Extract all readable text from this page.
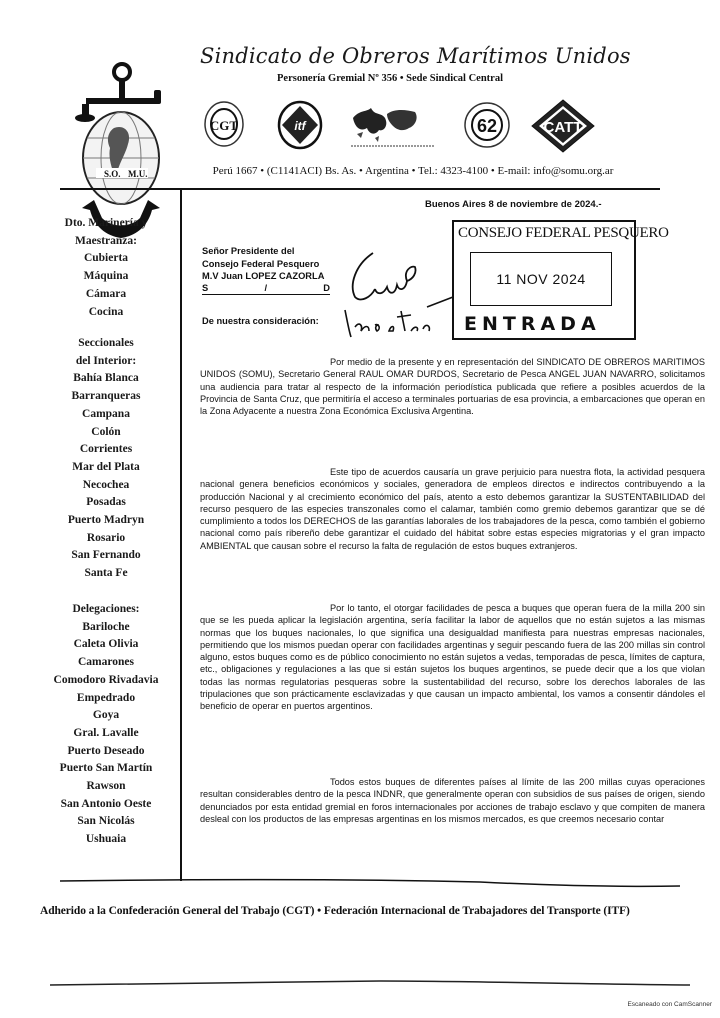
S.O. M.U.
Sindicato de Obreros Marítimos Unidos
Personería Gremial Nº 356 • Sede Sindical Central
CGT	itf	62	CATT
Perú 1667 • (C1141ACI) Bs. As. • Argentina • Tel.: 4323-4100 • E-mail: info@somu.org.ar
Dto. Marinería y
Maestranza:
Cubierta
Máquina
Cámara
Cocina
Seccionales
del Interior:
Bahía Blanca
Barranqueras
Campana
Colón
Corrientes
Mar del Plata
Necochea
Posadas
Puerto Madryn
Rosario
San Fernando
Santa Fe
Delegaciones:
Bariloche
Caleta Olivia
Camarones
Comodoro Rivadavia
Empedrado
Goya
Gral. Lavalle
Puerto Deseado
Puerto San Martín
Rawson
San Antonio Oeste
San Nicolás
Ushuaia
Buenos Aires 8 de noviembre de 2024.-
Señor Presidente del
Consejo Federal Pesquero
M.V Juan LOPEZ CAZORLA
S	/	D
De nuestra consideración:
CONSEJO FEDERAL PESQUERO
11 NOV 2024
ENTRADA

Por medio de la presente y en representación del SINDICATO DE OBREROS MARITIMOS UNIDOS (SOMU), Secretario General RAUL OMAR DURDOS, Secretario de Pesca ANGEL JUAN NAVARRO, solicitamos una audiencia para tratar al respecto de la información periodística publicada que refiere a posibles acuerdos de la Provincia de Santa Cruz, que permitiría el acceso a terminales portuarias de esa provincia, a embarcaciones que operan en la Zona Adyacente a nuestra Zona Económica Exclusiva Argentina.

Este tipo de acuerdos causaría un grave perjuicio para nuestra flota, la actividad pesquera nacional genera beneficios económicos y sociales, generadora de empleos directos e indirectos contribuyendo a la producción Nacional y al crecimiento económico del país, atento a esto debemos garantizar la SUSTENTABILIDAD del recurso pesquero de las especies transzonales como el calamar, también como gremio debemos garantizar que se dé cumplimiento a todos los DERECHOS de las garantías laborales de los trabajadores de la pesca, como también el gobierno nacional como país ribereño debe garantizar el cuidado del hábitat sobre estas especies migratorias y el gran impacto AMBIENTAL que causan sobre el recurso la falta de regulación de estos buques extranjeros.

Por lo tanto, el otorgar facilidades de pesca a buques que operan fuera de la milla 200 sin que se les pueda aplicar la legislación argentina, sería facilitar la labor de aquellos que no están sujetos a las mismas normas que los buques nacionales, lo que significa una desigualdad manifiesta para nuestras empresas nacionales, permitiendo que los mismos puedan operar con facilidades argentinas y seguir pescando fuera de las 200 millas sin control alguno, estos buques como es de público conocimiento no están sujetos a vedas, temporadas de pesca, límites de captura, etc., obligaciones y regulaciones a las que si están sujetos los buques argentinos, se puede decir que a los que violan todas las normas regulatorias pesqueras sobre la sustentabilidad del recurso, sobre los derechos laborales de las tripulaciones que son prácticamente esclavizadas y que causan un impacto ambiental, los vamos a consentir dándoles el beneficio de operar en puertos argentinos.

Todos estos buques de diferentes países al límite de las 200 millas cuyas operaciones resultan considerables dentro de la pesca INDNR, que generalmente operan con subsidios de sus países de origen, siendo denunciados por esta entidad gremial en foros internacionales por acciones de trabajo esclavo y que compiten de manera desleal con los productos de las empresas argentinas en los mismos mercados, es que creemos necesario contar

Adherido a la Confederación General del Trabajo (CGT) • Federación Internacional de Trabajadores del Transporte (ITF)
Escaneado con CamScanner
